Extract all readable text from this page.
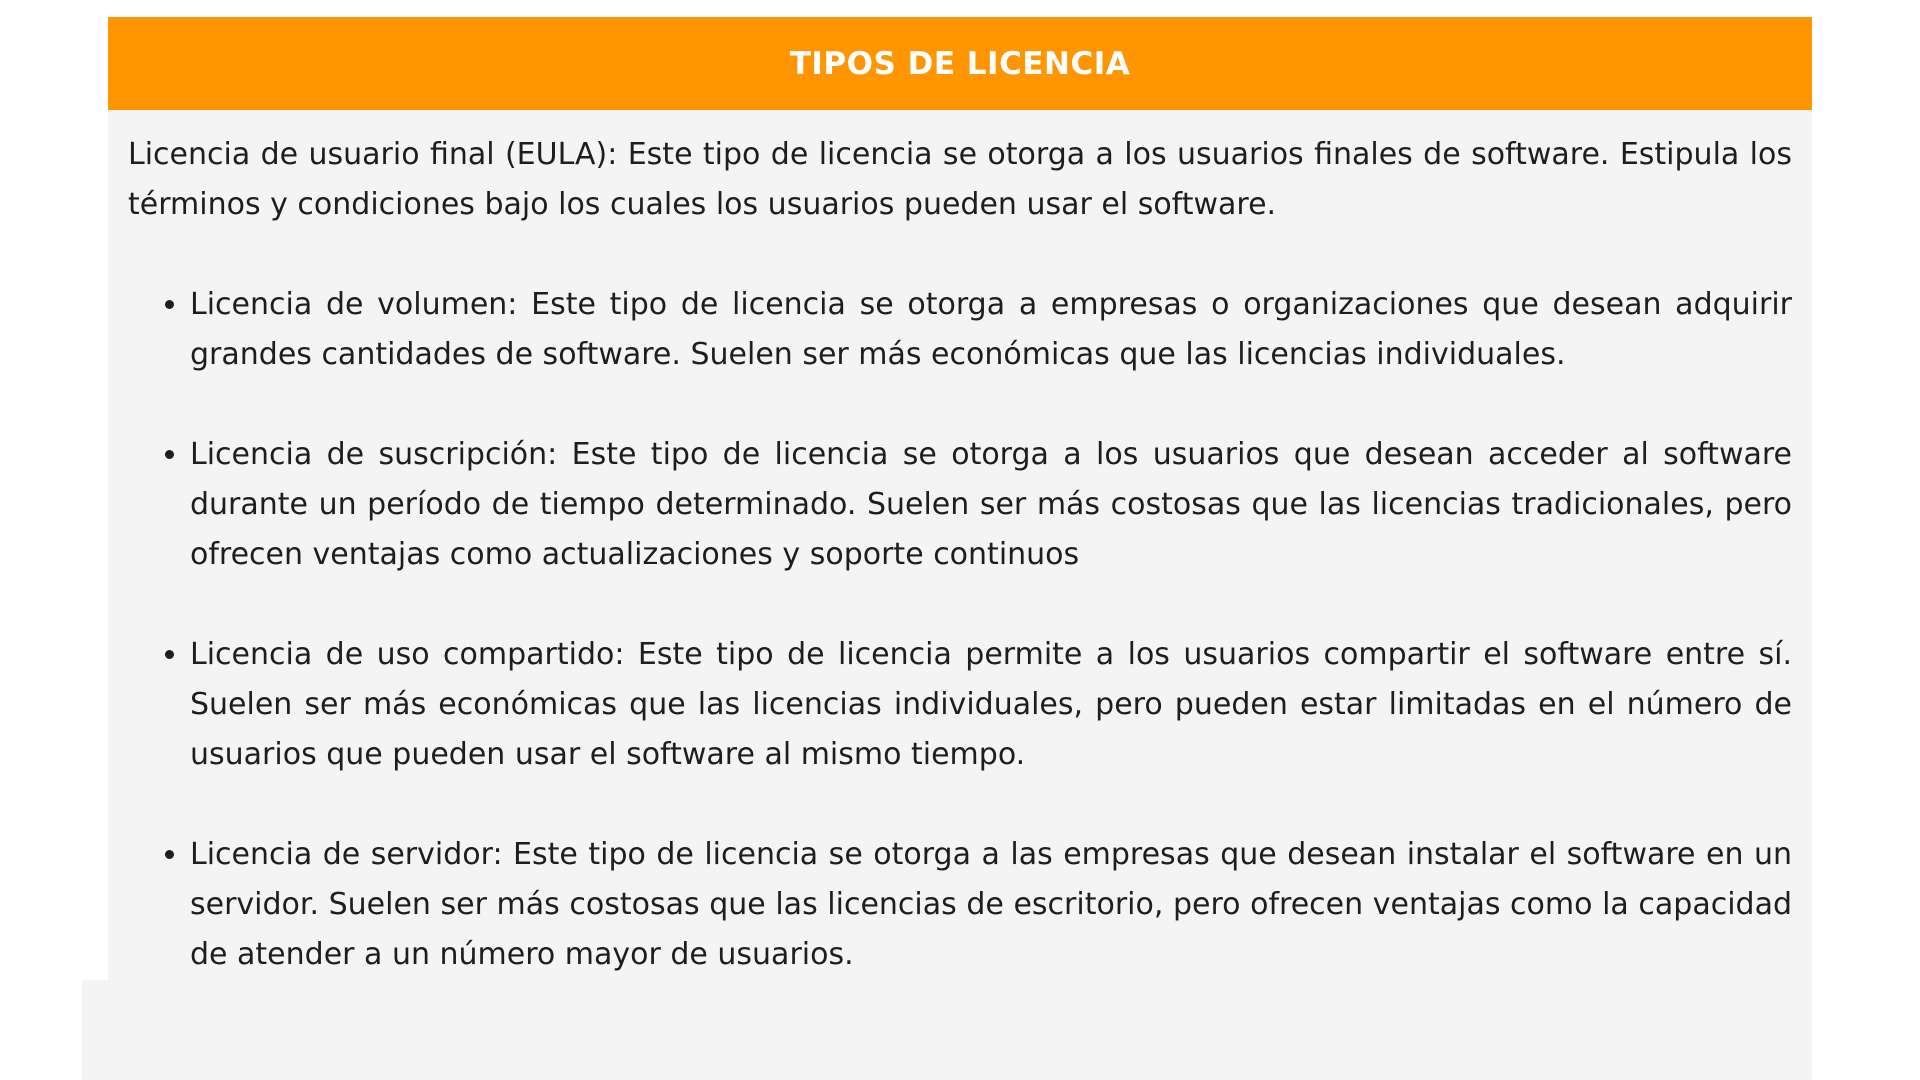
TIPOS DE LICENCIA

Licencia de usuario final (EULA): Este tipo de licencia se otorga a los usuarios finales de software. Estipula los términos y condiciones bajo los cuales los usuarios pueden usar el software.

• Licencia de volumen: Este tipo de licencia se otorga a empresas o organizaciones que desean adquirir grandes cantidades de software. Suelen ser más económicas que las licencias individuales.
• Licencia de suscripción: Este tipo de licencia se otorga a los usuarios que desean acceder al software durante un período de tiempo determinado. Suelen ser más costosas que las licencias tradicionales, pero ofrecen ventajas como actualizaciones y soporte continuos
• Licencia de uso compartido: Este tipo de licencia permite a los usuarios compartir el software entre sí. Suelen ser más económicas que las licencias individuales, pero pueden estar limitadas en el número de usuarios que pueden usar el software al mismo tiempo.
• Licencia de servidor: Este tipo de licencia se otorga a las empresas que desean instalar el software en un servidor. Suelen ser más costosas que las licencias de escritorio, pero ofrecen ventajas como la capacidad de atender a un número mayor de usuarios.
